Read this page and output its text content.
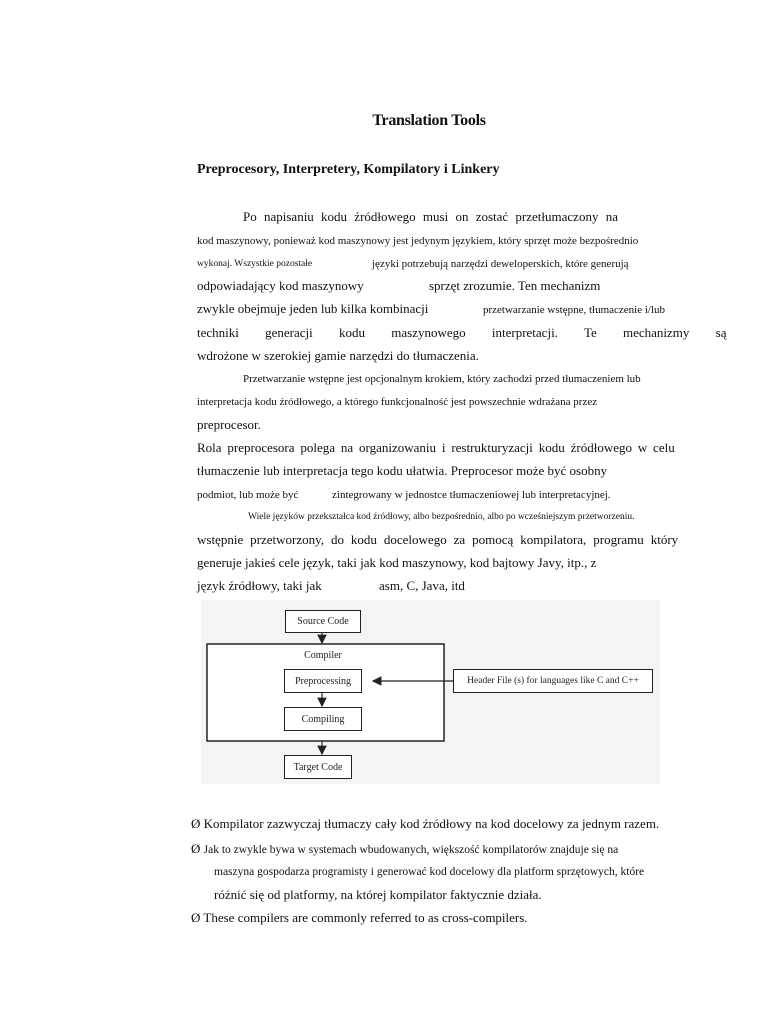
Translation Tools
Preprocesory, Interpretery, Kompilatory i Linkery
Po napisaniu kodu źródłowego musi on zostać przetłumaczony na
kod maszynowy, ponieważ kod maszynowy jest jedynym językiem, który sprzęt może bezpośrednio
wykonaj. Wszystkie pozostałe	języki potrzebują narzędzi deweloperskich, które generują
odpowiadający kod maszynowy	sprzęt zrozumie. Ten mechanizm
zwykle obejmuje jeden lub kilka kombinacji	przetwarzanie wstępne, tłumaczenie i/lub
techniki generacji kodu maszynowego interpretacji. Te mechanizmy są
wdrożone w szerokiej gamie narzędzi do tłumaczenia.
Przetwarzanie wstępne jest opcjonalnym krokiem, który zachodzi przed tłumaczeniem lub
interpretacja kodu źródłowego, a którego funkcjonalność jest powszechnie wdrażana przez
preprocesor.
Rola preprocesora polega na organizowaniu i restrukturyzacji kodu źródłowego w celu
tłumaczenie lub interpretacja tego kodu ułatwia. Preprocesor może być osobny
podmiot, lub może być	zintegrowany w jednostce tłumaczeniowej lub interpretacyjnej.
Wiele języków przekształca kod źródłowy, albo bezpośrednio, albo po wcześniejszym przetworzeniu.
wstępnie przetworzony, do kodu docelowego za pomocą kompilatora, programu który
generuje jakieś cele język, taki jak kod maszynowy, kod bajtowy Javy, itp., z
język źródłowy, taki jak	asm, C, Java, itd
Source Code
Compiler
Preprocessing
Compiling
Target Code
Header File (s) for languages like C and C++
Ø Kompilator zazwyczaj tłumaczy cały kod źródłowy na kod docelowy za jednym razem.
Ø Jak to zwykle bywa w systemach wbudowanych, większość kompilatorów znajduje się na
maszyna gospodarza programisty i generować kod docelowy dla platform sprzętowych, które
różnić się od platformy, na której kompilator faktycznie działa.
Ø These compilers are commonly referred to as cross-compilers.
